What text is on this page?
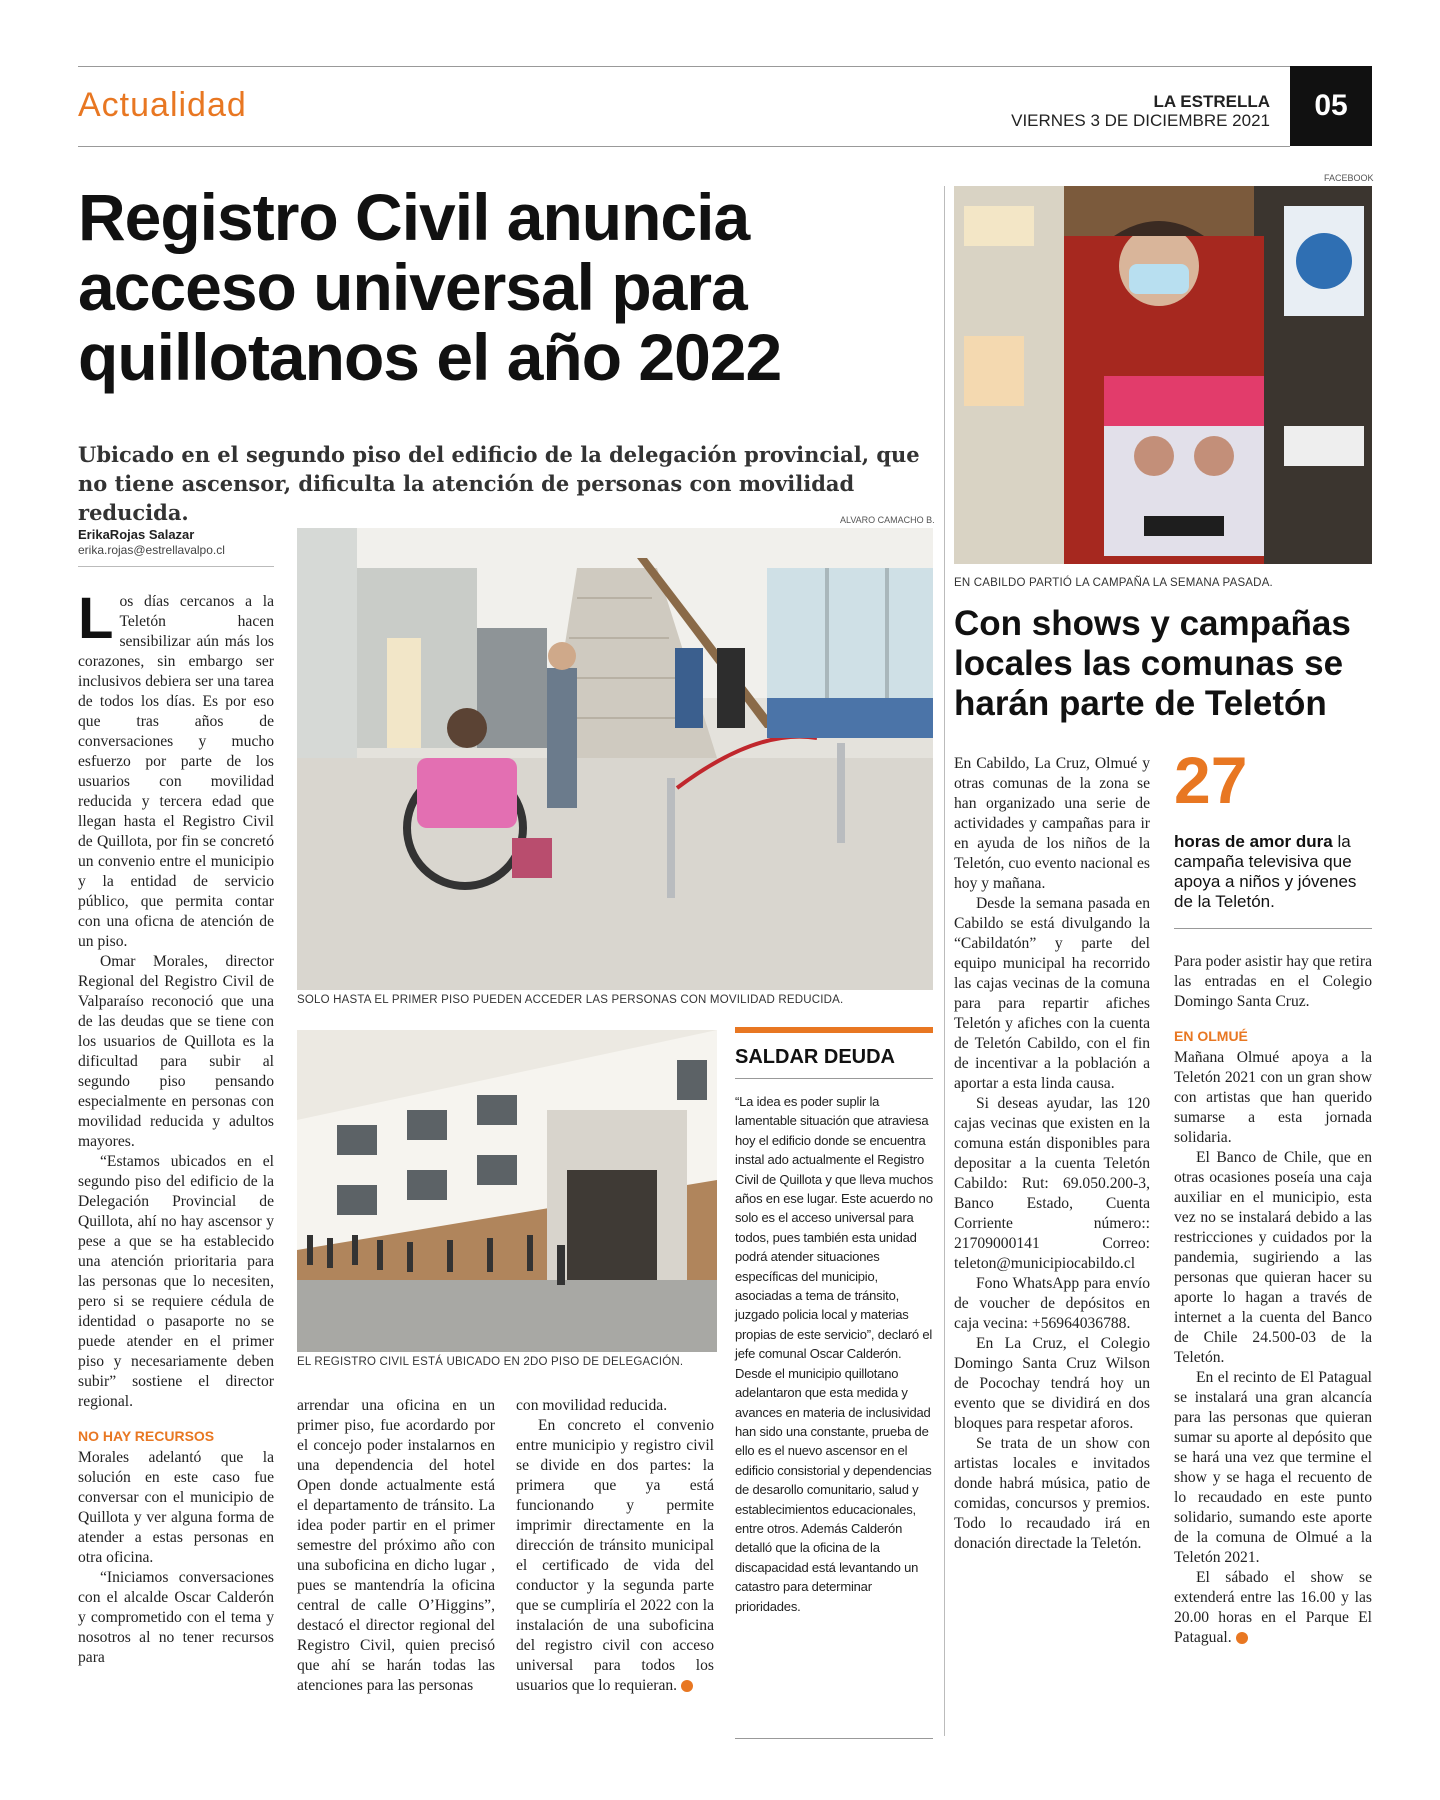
Actualidad	LA ESTRELLA
VIERNES 3 DE DICIEMBRE 2021	05
Registro Civil anuncia acceso universal para quillotanos el año 2022
Ubicado en el segundo piso del edificio de la delegación provincial, que no tiene ascensor, dificulta la atención de personas con movilidad reducida.
ErikaRojas Salazar
erika.rojas@estrellavalpo.cl
ALVARO CAMACHO B.
SOLO HASTA EL PRIMER PISO PUEDEN ACCEDER LAS PERSONAS CON MOVILIDAD REDUCIDA.
EL REGISTRO CIVIL ESTÁ UBICADO EN 2DO PISO DE DELEGACIÓN.

Los días cercanos a la Teletón hacen sensibilizar aún más los corazones, sin embargo ser inclusivos debiera ser una tarea de todos los días. Es por eso que tras años de conversaciones y mucho esfuerzo por parte de los usuarios con movilidad reducida y tercera edad que llegan hasta el Registro Civil de Quillota, por fin se concretó un convenio entre el municipio y la entidad de servicio público, que permita contar con una oficna de atención de un piso.

Omar Morales, director Regional del Registro Civil de Valparaíso reconoció que una de las deudas que se tiene con los usuarios de Quillota es la dificultad para subir al segundo piso pensando especialmente en personas con movilidad reducida y adultos mayores.

“Estamos ubicados en el segundo piso del edificio de la Delegación Provincial de Quillota, ahí no hay ascensor y pese a que se ha establecido una atención prioritaria para las personas que lo necesiten, pero si se requiere cédula de identidad o pasaporte no se puede atender en el primer piso y necesariamente deben subir” sostiene el director regional.

NO HAY RECURSOS

Morales adelantó que la solución en este caso fue conversar con el municipio de Quillota y ver alguna forma de atender a estas personas en otra oficina.

“Iniciamos conversaciones con el alcalde Oscar Calderón y comprometido con el tema y nosotros al no tener recursos para

arrendar una oficina en un primer piso, fue acordardo por el concejo poder instalarnos en una dependencia del hotel Open donde actualmente está el departamento de tránsito. La idea poder partir en el primer semestre del próximo año con una suboficina en dicho lugar , pues se mantendría la oficina central de calle O’Higgins”, destacó el director regional del Registro Civil, quien precisó que ahí se harán todas las atenciones para las personas

con movilidad reducida.

En concreto el convenio entre municipio y registro civil se divide en dos partes: la primera que ya está funcionando y permite imprimir directamente en la dirección de tránsito municipal el certificado de vida del conductor y la segunda parte que se cumpliría el 2022 con la instalación de una suboficina del registro civil con acceso universal para todos los usuarios que lo requieran.

SALDAR DEUDA
“La idea es poder suplir la lamentable situación que atraviesa hoy el edificio donde se encuentra instal ado actualmente el Registro Civil de Quillota y que lleva muchos años en ese lugar. Este acuerdo no solo es el acceso universal para todos, pues también esta unidad podrá atender situaciones específicas del municipio, asociadas a tema de tránsito, juzgado policia local y materias propias de este servicio”, declaró el jefe comunal Oscar Calderón. Desde el municipio quillotano adelantaron que esta medida y avances en materia de inclusividad han sido una constante, prueba de ello es el nuevo ascensor en el edificio consistorial y dependencias de desarollo comunitario, salud y establecimientos educacionales, entre otros. Además Calderón detalló que la oficina de la discapacidad está levantando un catastro para determinar prioridades.
FACEBOOK
EN CABILDO PARTIÓ LA CAMPAÑA LA SEMANA PASADA.
Con shows y campañas locales las comunas se harán parte de Teletón

En Cabildo, La Cruz, Olmué y otras comunas de la zona se han organizado una serie de actividades y campañas para ir en ayuda de los niños de la Teletón, cuo evento nacional es hoy y mañana.

Desde la semana pasada en Cabildo se está divulgando la “Cabildatón” y parte del equipo municipal ha recorrido las cajas vecinas de la comuna para para repartir afiches Teletón y afiches con la cuenta de Teletón Cabildo, con el fin de incentivar a la población a aportar a esta linda causa.

Si deseas ayudar, las 120 cajas vecinas que existen en la comuna están disponibles para depositar a la cuenta Teletón Cabildo: Rut: 69.050.200-3, Banco Estado, Cuenta Corriente número:: 21709000141 Correo: teleton@municipiocabildo.cl

Fono WhatsApp para envío de voucher de depósitos en caja vecina: +56964036788.

En La Cruz, el Colegio Domingo Santa Cruz Wilson de Pocochay tendrá hoy un evento que se dividirá en dos bloques para respetar aforos.

Se trata de un show con artistas locales e invitados donde habrá música, patio de comidas, concursos y premios. Todo lo recaudado irá en donación directade la Teletón.

27
horas de amor dura la campaña televisiva que apoya a niños y jóvenes de la Teletón.

Para poder asistir hay que retira las entradas en el Colegio Domingo Santa Cruz.

EN OLMUÉ

Mañana Olmué apoya a la Teletón 2021 con un gran show con artistas que han querido sumarse a esta jornada solidaria.

El Banco de Chile, que en otras ocasiones poseía una caja auxiliar en el municipio, esta vez no se instalará debido a las restricciones y cuidados por la pandemia, sugiriendo a las personas que quieran hacer su aporte lo hagan a través de internet a la cuenta del Banco de Chile 24.500-03 de la Teletón.

En el recinto de El Patagual se instalará una gran alcancía para las personas que quieran sumar su aporte al depósito que se hará una vez que termine el show y se haga el recuento de lo recaudado en este punto solidario, sumando este aporte de la comuna de Olmué a la Teletón 2021.

El sábado el show se extenderá entre las 16.00 y las 20.00 horas en el Parque El Patagual.
